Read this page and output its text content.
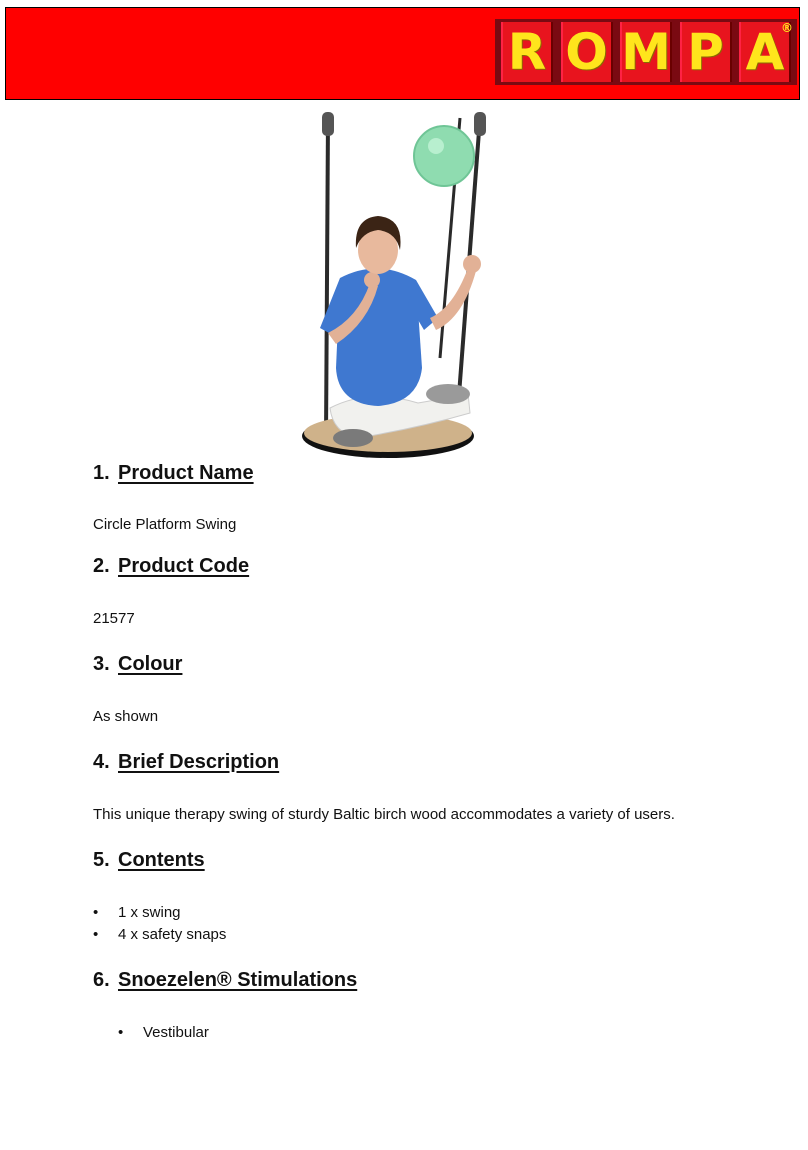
R O M P A
®
1. Product Name

Circle Platform Swing

2. Product Code

21577

3. Colour

As shown

4. Brief Description

This unique therapy swing of sturdy Baltic birch wood accommodates a variety of users.

5. Contents
• 1 x swing
• 4 x safety snaps
6. Snoezelen® Stimulations
• Vestibular
